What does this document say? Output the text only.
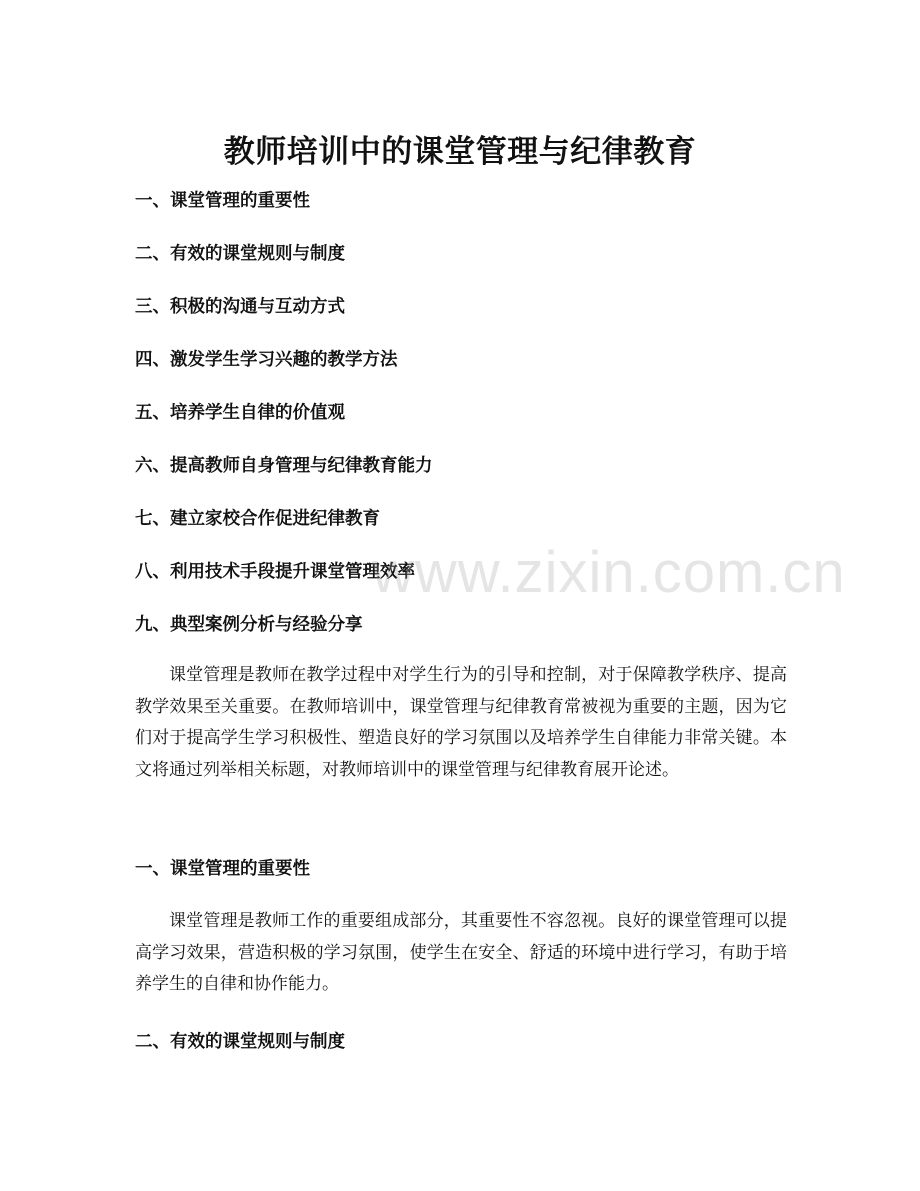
教师培训中的课堂管理与纪律教育
一、课堂管理的重要性
二、有效的课堂规则与制度
三、积极的沟通与互动方式
四、激发学生学习兴趣的教学方法
五、培养学生自律的价值观
六、提高教师自身管理与纪律教育能力
七、建立家校合作促进纪律教育
八、利用技术手段提升课堂管理效率
九、典型案例分析与经验分享

课堂管理是教师在教学过程中对学生行为的引导和控制，对于保障教学秩序、提高教学效果至关重要。在教师培训中，课堂管理与纪律教育常被视为重要的主题，因为它们对于提高学生学习积极性、塑造良好的学习氛围以及培养学生自律能力非常关键。本文将通过列举相关标题，对教师培训中的课堂管理与纪律教育展开论述。

一、课堂管理的重要性

课堂管理是教师工作的重要组成部分，其重要性不容忽视。良好的课堂管理可以提高学习效果，营造积极的学习氛围，使学生在安全、舒适的环境中进行学习，有助于培养学生的自律和协作能力。

二、有效的课堂规则与制度
www.zixin.com.cn
